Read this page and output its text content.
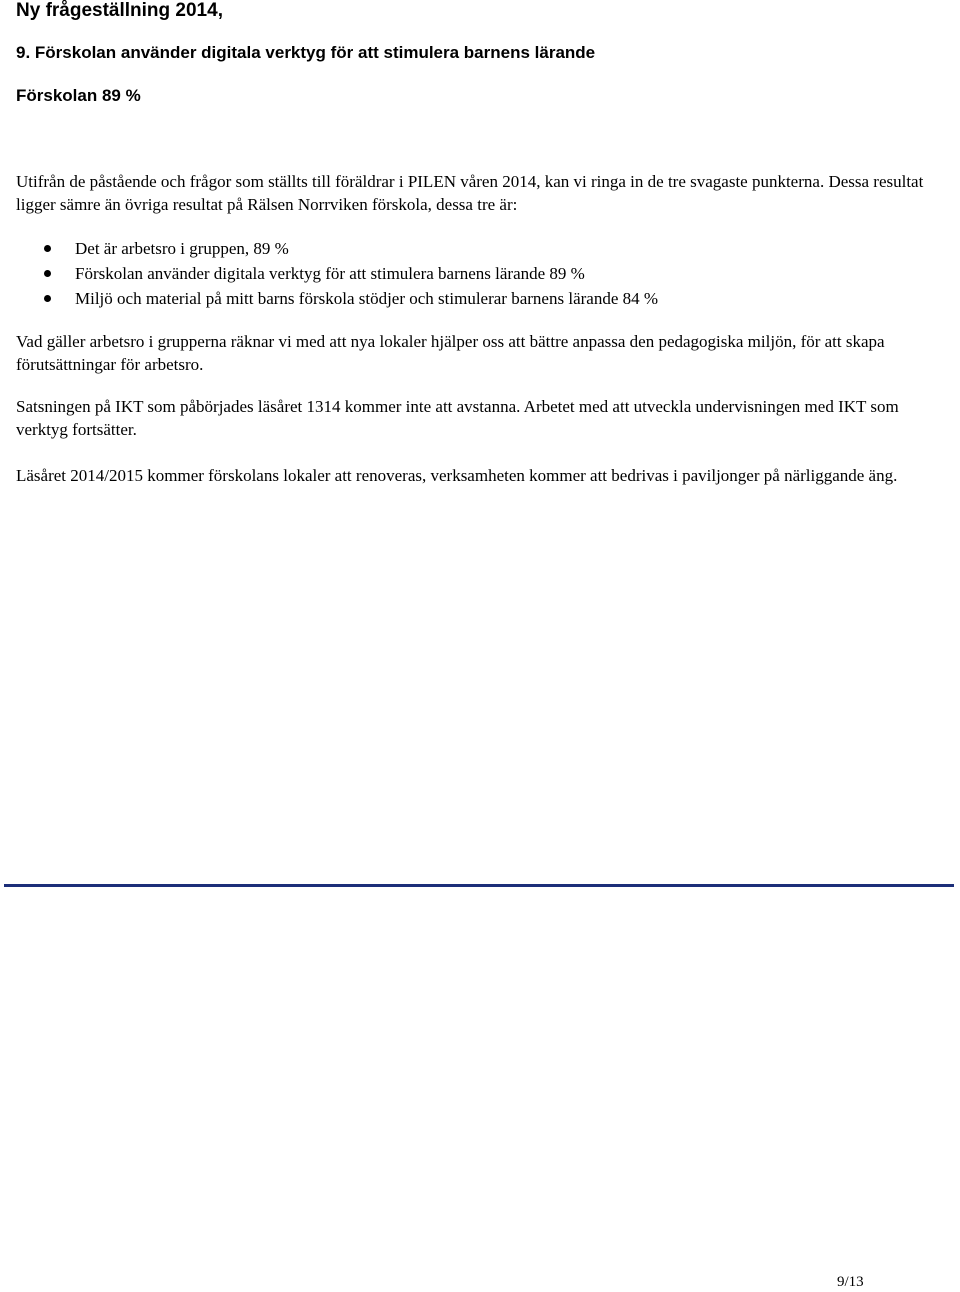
Ny frågeställning 2014,
9. Förskolan använder digitala verktyg för att stimulera barnens lärande
Förskolan 89 %

Utifrån de påstående och frågor som ställts till föräldrar i PILEN våren 2014, kan vi ringa in de tre svagaste punkterna. Dessa resultat ligger sämre än övriga resultat på Rälsen Norrviken förskola, dessa tre är:

Det är arbetsro i gruppen, 89 %
Förskolan använder digitala verktyg för att stimulera barnens lärande 89 %
Miljö och material på mitt barns förskola stödjer och stimulerar barnens lärande 84 %

Vad gäller arbetsro i grupperna räknar vi med att nya lokaler hjälper oss att bättre anpassa den pedagogiska miljön, för att skapa förutsättningar för arbetsro.

Satsningen på IKT som påbörjades läsåret 1314 kommer inte att avstanna. Arbetet med att utveckla undervisningen med IKT som verktyg fortsätter.

Läsåret 2014/2015 kommer förskolans lokaler att renoveras, verksamheten kommer att bedrivas i paviljonger på närliggande äng.

9/13
